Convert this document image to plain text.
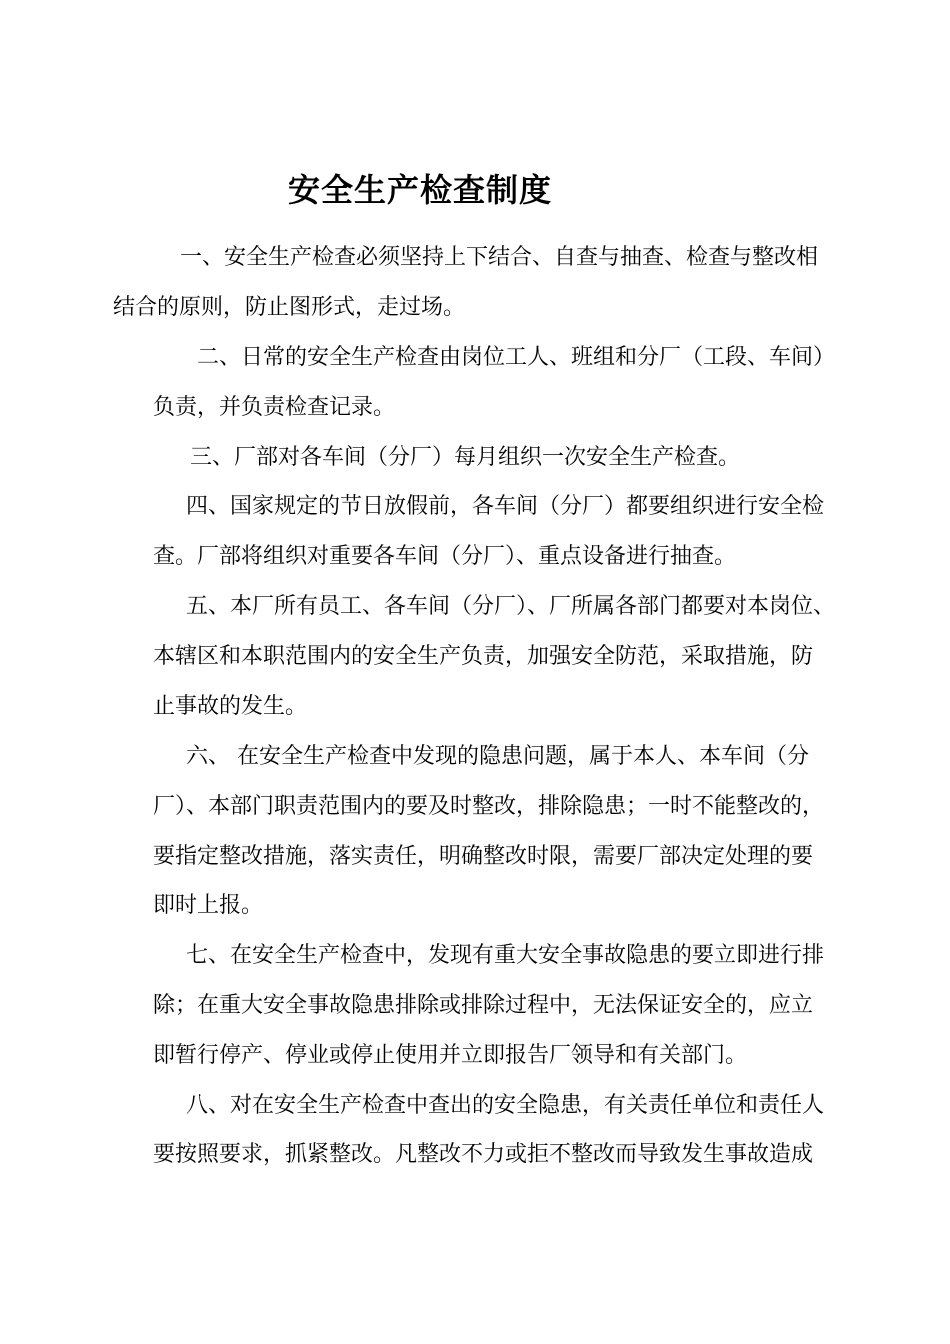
安全生产检查制度
一、安全生产检查必须坚持上下结合、自查与抽查、检查与整改相
结合的原则，防止图形式，走过场。
二、日常的安全生产检查由岗位工人、班组和分厂（工段、车间）
负责，并负责检查记录。
三、厂部对各车间（分厂）每月组织一次安全生产检查。
四、国家规定的节日放假前，各车间（分厂）都要组织进行安全检
查。厂部将组织对重要各车间（分厂）、重点设备进行抽查。
五、本厂所有员工、各车间（分厂）、厂所属各部门都要对本岗位、
本辖区和本职范围内的安全生产负责，加强安全防范，采取措施，防
止事故的发生。
六、 在安全生产检查中发现的隐患问题，属于本人、本车间（分
厂）、本部门职责范围内的要及时整改，排除隐患；一时不能整改的，
要指定整改措施，落实责任，明确整改时限，需要厂部决定处理的要
即时上报。
七、在安全生产检查中，发现有重大安全事故隐患的要立即进行排
除；在重大安全事故隐患排除或排除过程中，无法保证安全的，应立
即暂行停产、停业或停止使用并立即报告厂领导和有关部门。
八、对在安全生产检查中查出的安全隐患，有关责任单位和责任人
要按照要求，抓紧整改。凡整改不力或拒不整改而导致发生事故造成
